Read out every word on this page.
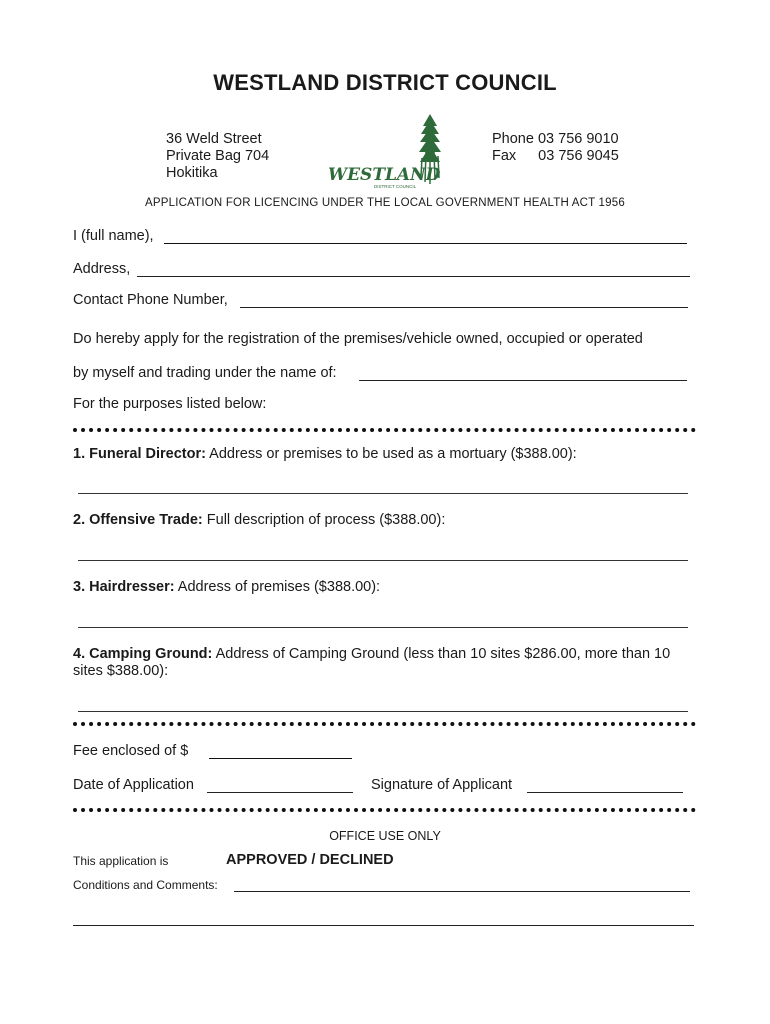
WESTLAND DISTRICT COUNCIL
36 Weld Street
Private Bag 704
Hokitika	WESTLAND
DISTRICT COUNCIL
Phone 03 756 9010
Fax 03 756 9045
APPLICATION FOR LICENCING UNDER THE LOCAL GOVERNMENT HEALTH ACT 1956
I (full name),
Address,
Contact Phone Number,
Do hereby apply for the registration of the premises/vehicle owned, occupied or operated
by myself and trading under the name of:
For the purposes listed below:
1. Funeral Director: Address or premises to be used as a mortuary ($388.00):
2. Offensive Trade: Full description of process ($388.00):
3. Hairdresser: Address of premises ($388.00):
4. Camping Ground: Address of Camping Ground (less than 10 sites $286.00, more than 10 sites $388.00):
Fee enclosed of $
Date of Application	Signature of Applicant
OFFICE USE ONLY
This application is	APPROVED / DECLINED
Conditions and Comments:
